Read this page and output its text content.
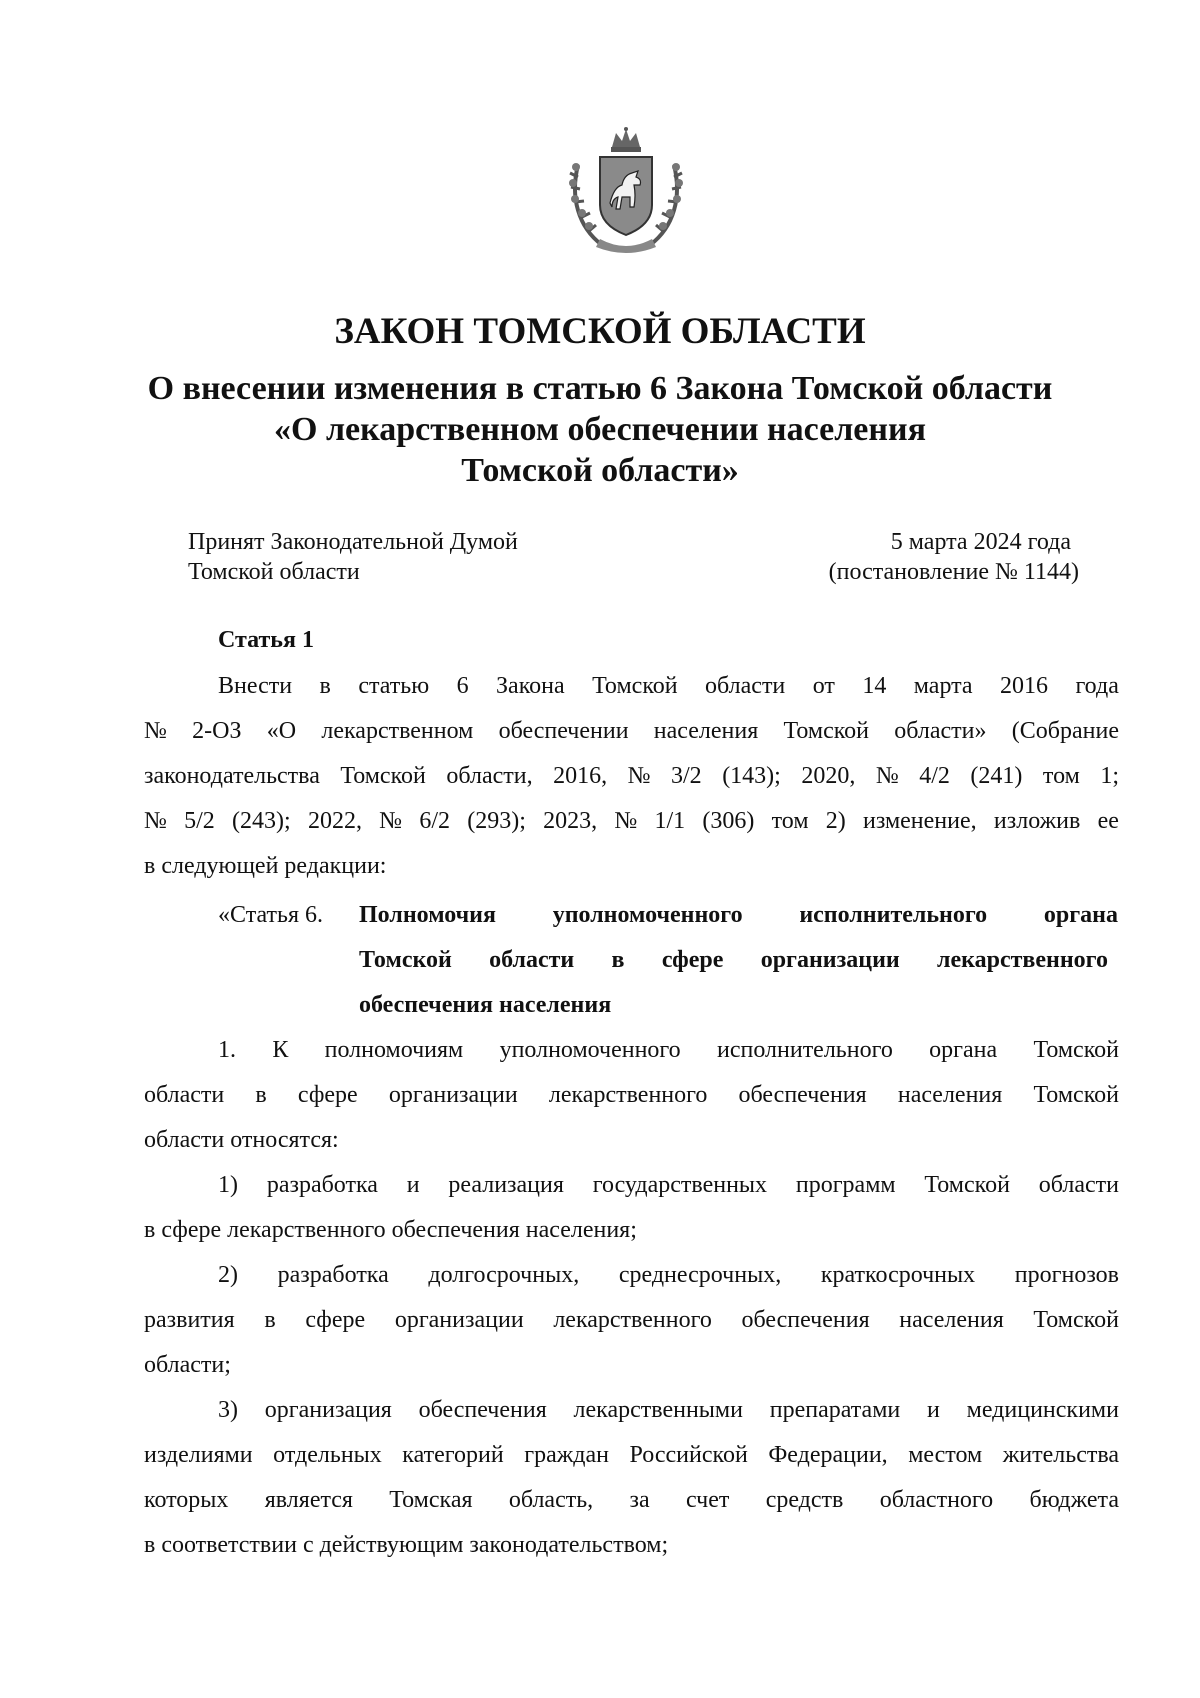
ЗАКОН ТОМСКОЙ ОБЛАСТИ
О внесении изменения в статью 6 Закона Томской области
«О лекарственном обеспечении населения
Томской области»
Принят Законодательной Думой
Томской области
5 марта 2024 года
(постановление № 1144)
Статья 1
Внести в статью 6 Закона Томской области от 14 марта 2016 года
№ 2-ОЗ «О лекарственном обеспечении населения Томской области» (Собрание
законодательства Томской области, 2016, № 3/2 (143); 2020, № 4/2 (241) том 1;
№ 5/2 (243); 2022, № 6/2 (293); 2023, № 1/1 (306) том 2) изменение, изложив ее
в следующей редакции:
«Статья 6.	Полномочия уполномоченного исполнительного органа
Томской области в сфере организации лекарственного
обеспечения населения
1. К полномочиям уполномоченного исполнительного органа Томской
области в сфере организации лекарственного обеспечения населения Томской
области относятся:
1) разработка и реализация государственных программ Томской области
в сфере лекарственного обеспечения населения;
2) разработка долгосрочных, среднесрочных, краткосрочных прогнозов
развития в сфере организации лекарственного обеспечения населения Томской
области;
3) организация обеспечения лекарственными препаратами и медицинскими
изделиями отдельных категорий граждан Российской Федерации, местом жительства
которых является Томская область, за счет средств областного бюджета
в соответствии с действующим законодательством;
